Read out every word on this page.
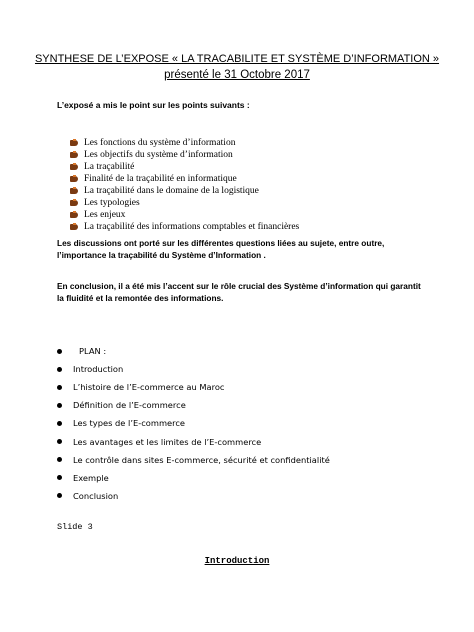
SYNTHESE DE L’EXPOSE « LA TRACABILITE ET SYSTÈME D’INFORMATION »
présenté le 31 Octobre 2017
L’exposé a mis le point sur les points suivants :
Les fonctions du système d’information
Les objectifs du système d’information
La traçabilité
Finalité de la traçabilité en informatique
La traçabilité dans le domaine de la logistique
Les typologies
Les enjeux
La traçabilité des informations comptables et financières
Les discussions ont porté sur les différentes questions liées au sujete, entre outre, l’importance la traçabilité du Système d’Information .
En conclusion, il a été mis l’accent sur le rôle crucial des Système d’information qui garantit la fluidité et la remontée des informations.
PLAN :
Introduction
L’histoire de l’E-commerce au Maroc
Définition de l’E-commerce
Les types de l’E-commerce
Les avantages et les limites de l’E-commerce
Le contrôle dans sites E-commerce, sécurité et confidentialité
Exemple
Conclusion
Slide 3
Introduction
